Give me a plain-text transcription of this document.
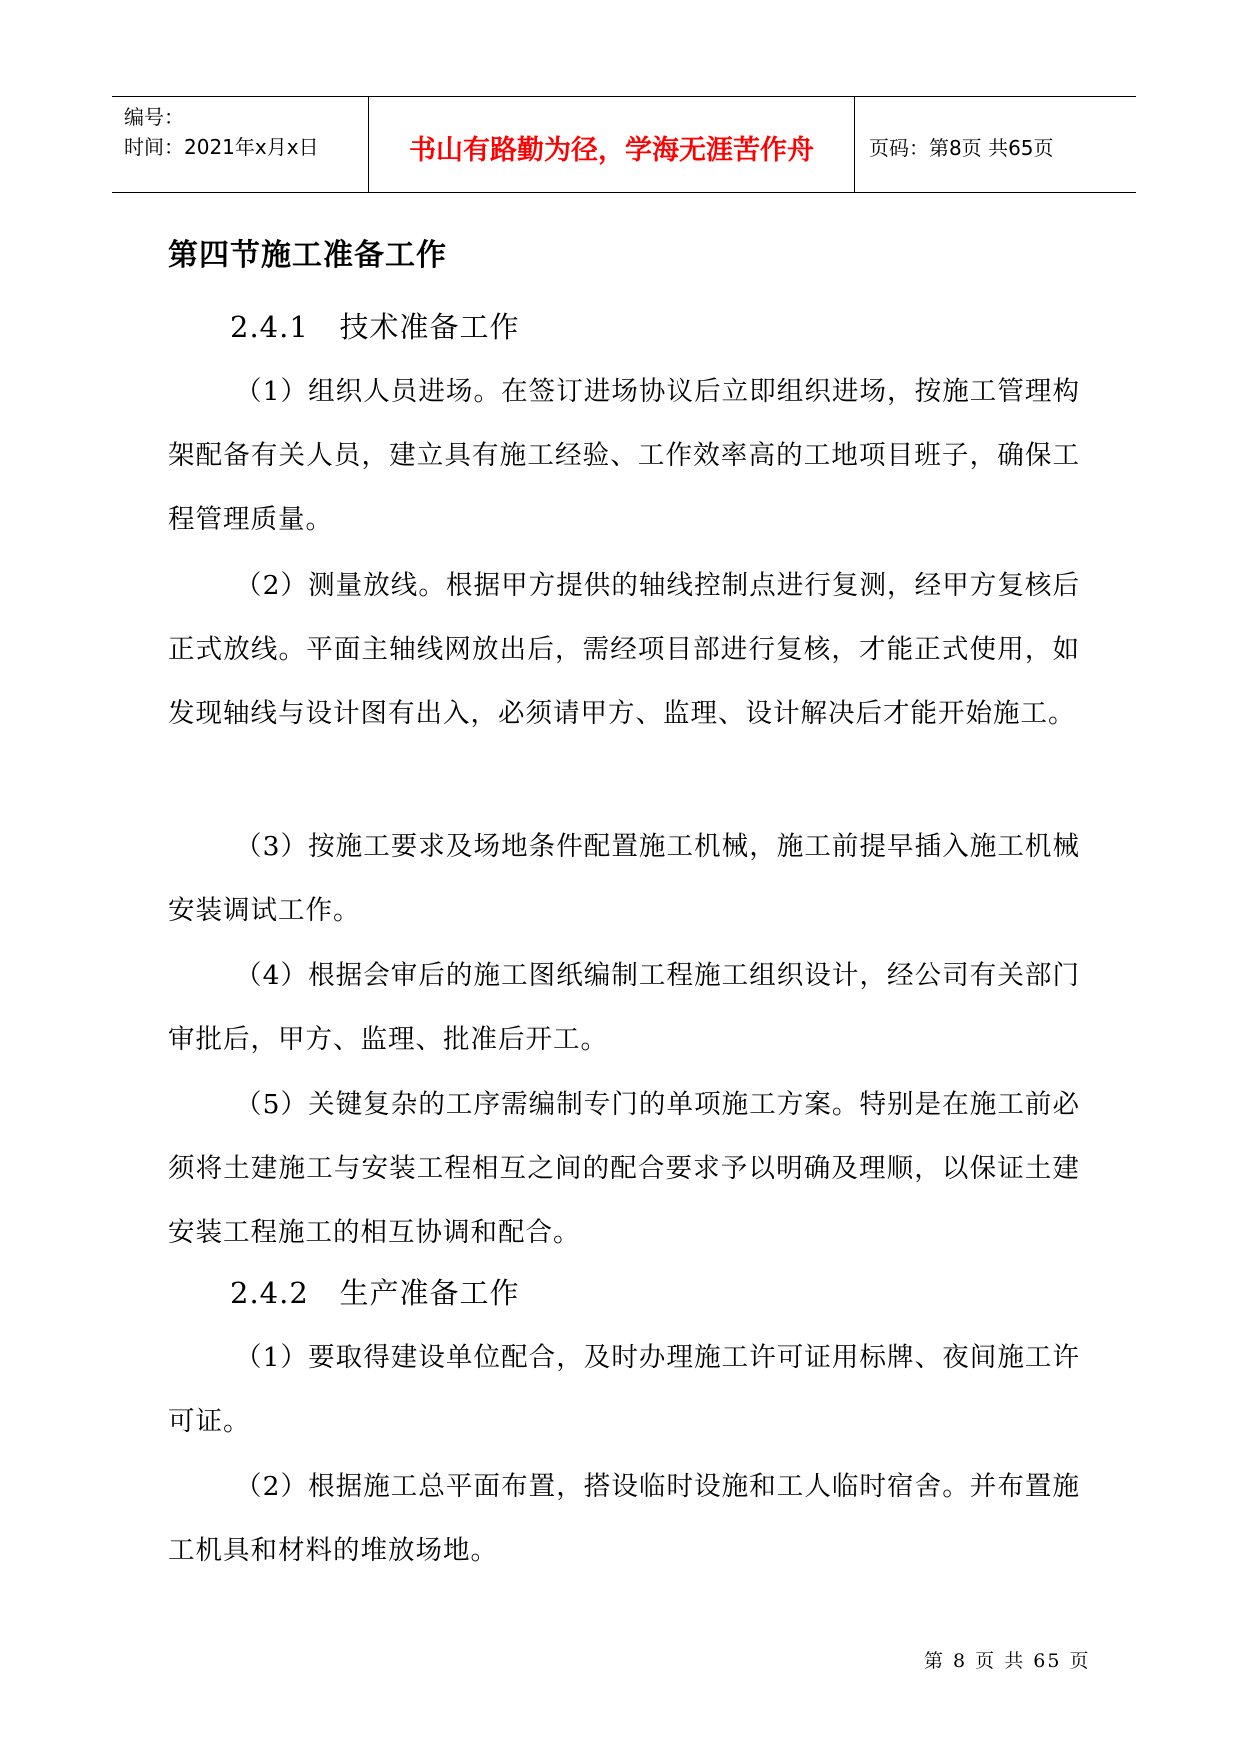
编号：
时间：2021年x月x日	书山有路勤为径，学海无涯苦作舟	页码：第8页 共65页
第四节施工准备工作
2.4.1 技术准备工作
（1）组织人员进场。在签订进场协议后立即组织进场，按施工管理构架配备有关人员，建立具有施工经验、工作效率高的工地项目班子，确保工程管理质量。
（2）测量放线。根据甲方提供的轴线控制点进行复测，经甲方复核后正式放线。平面主轴线网放出后，需经项目部进行复核，才能正式使用，如发现轴线与设计图有出入，必须请甲方、监理、设计解决后才能开始施工。
（3）按施工要求及场地条件配置施工机械，施工前提早插入施工机械安装调试工作。
（4）根据会审后的施工图纸编制工程施工组织设计，经公司有关部门审批后，甲方、监理、批准后开工。
（5）关键复杂的工序需编制专门的单项施工方案。特别是在施工前必须将土建施工与安装工程相互之间的配合要求予以明确及理顺，以保证土建安装工程施工的相互协调和配合。
2.4.2 生产准备工作
（1）要取得建设单位配合，及时办理施工许可证用标牌、夜间施工许可证。
（2）根据施工总平面布置，搭设临时设施和工人临时宿舍。并布置施工机具和材料的堆放场地。
第 8 页 共 65 页
